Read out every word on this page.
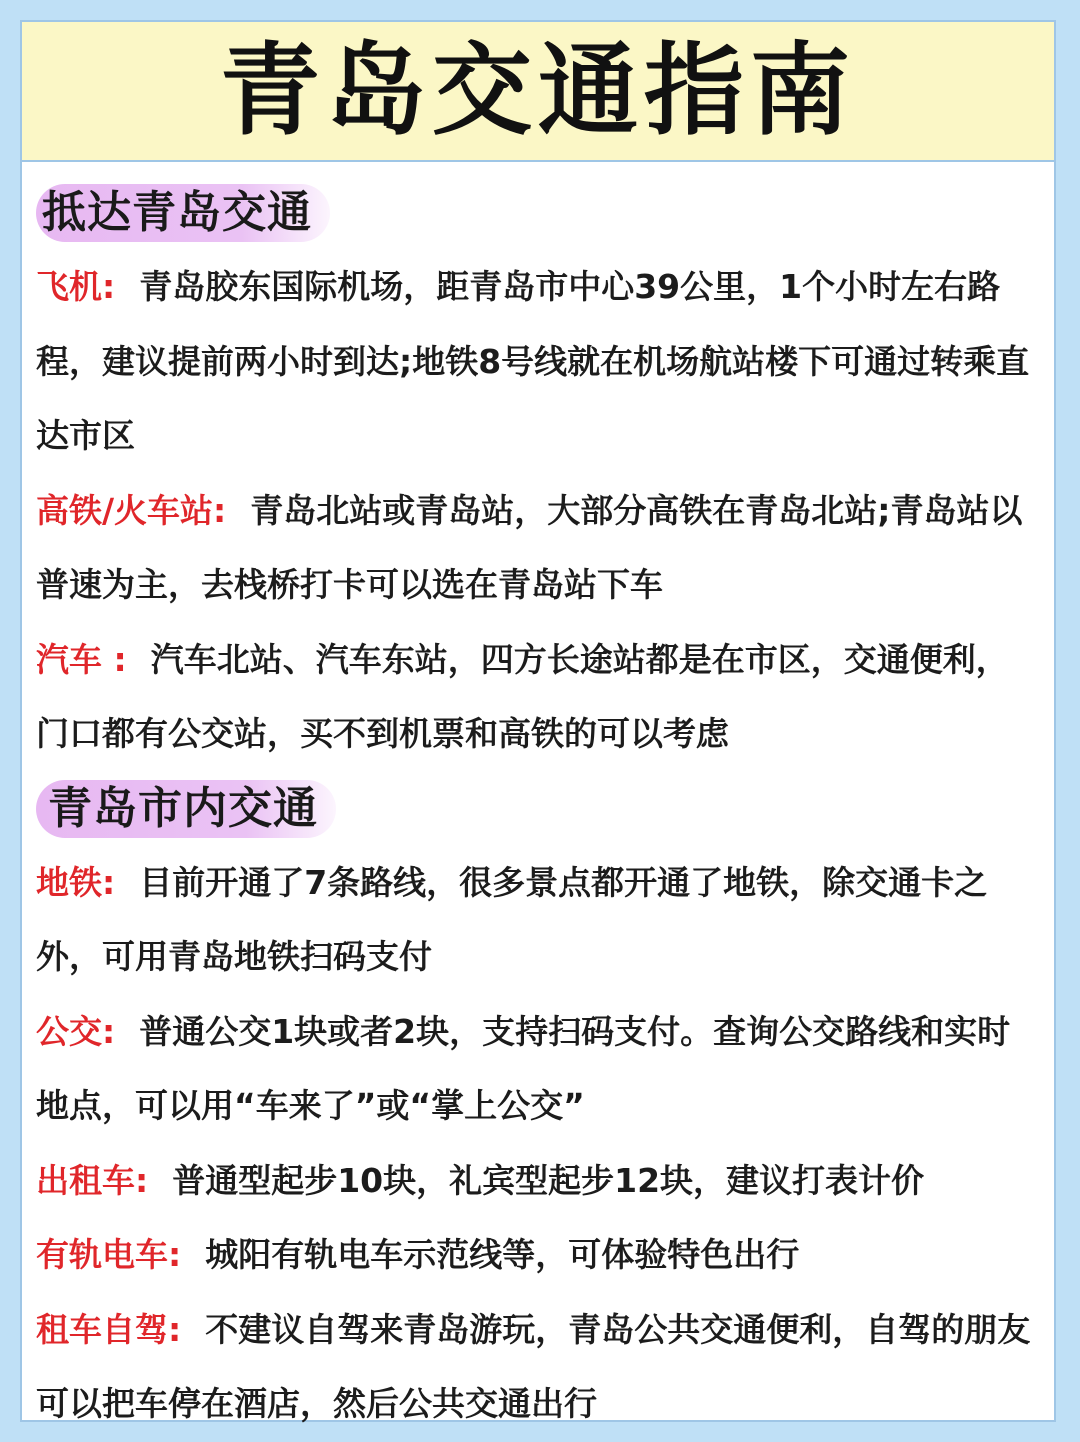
青岛交通指南
抵达青岛交通

飞机: 青岛胶东国际机场，距青岛市中心39公里，1个小时左右路程，建议提前两小时到达;地铁8号线就在机场航站楼下可通过转乘直达市区

高铁/火车站: 青岛北站或青岛站，大部分高铁在青岛北站;青岛站以普速为主，去栈桥打卡可以选在青岛站下车

汽车 : 汽车北站、汽车东站，四方长途站都是在市区，交通便利，门口都有公交站，买不到机票和高铁的可以考虑

青岛市内交通

地铁: 目前开通了7条路线，很多景点都开通了地铁，除交通卡之外，可用青岛地铁扫码支付

公交: 普通公交1块或者2块，支持扫码支付。查询公交路线和实时地点，可以用“车来了”或“掌上公交”

出租车: 普通型起步10块，礼宾型起步12块，建议打表计价

有轨电车: 城阳有轨电车示范线等，可体验特色出行

租车自驾: 不建议自驾来青岛游玩，青岛公共交通便利，自驾的朋友可以把车停在酒店，然后公共交通出行
